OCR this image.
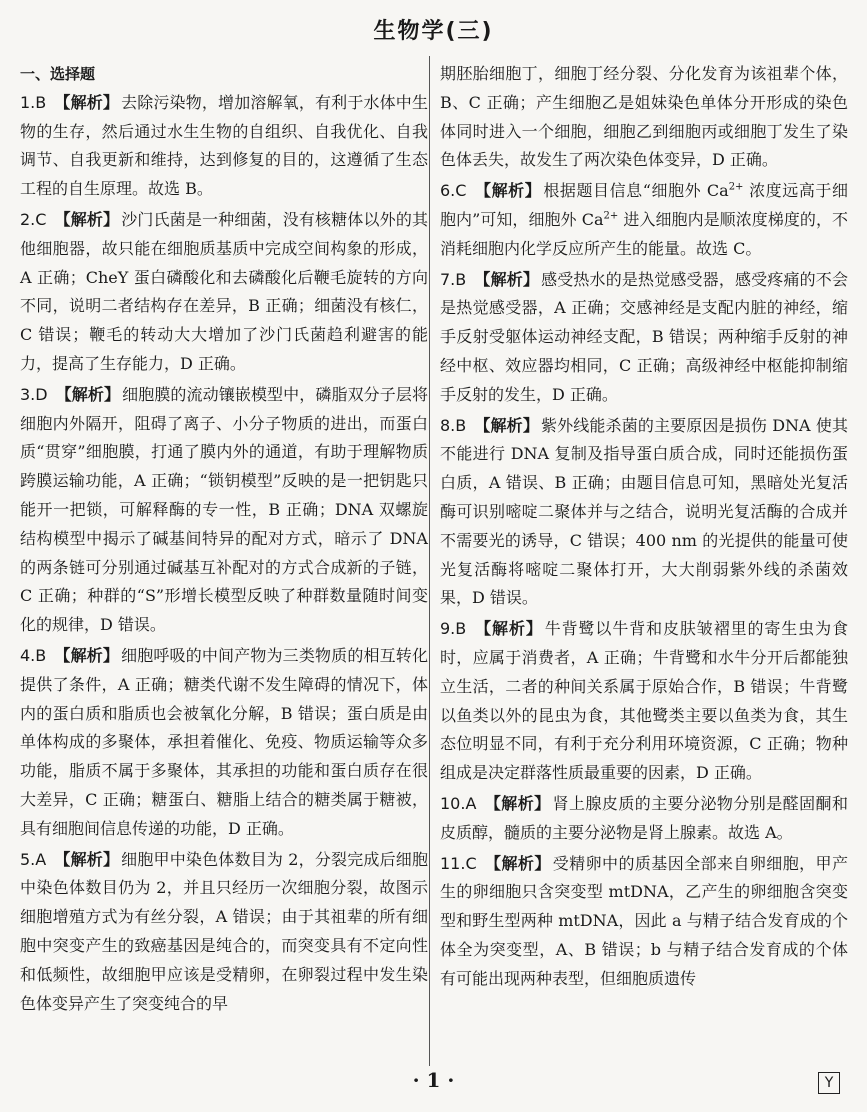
生物学(三)
一、选择题
1.B 【解析】 去除污染物，增加溶解氧，有利于水体中生物的生存，然后通过水生生物的自组织、自我优化、自我调节、自我更新和维持，达到修复的目的，这遵循了生态工程的自生原理。故选 B。
2.C 【解析】 沙门氏菌是一种细菌，没有核糖体以外的其他细胞器，故只能在细胞质基质中完成空间构象的形成，A 正确；CheY 蛋白磷酸化和去磷酸化后鞭毛旋转的方向不同，说明二者结构存在差异，B 正确；细菌没有核仁，C 错误；鞭毛的转动大大增加了沙门氏菌趋利避害的能力，提高了生存能力，D 正确。
3.D 【解析】 细胞膜的流动镶嵌模型中，磷脂双分子层将细胞内外隔开，阻碍了离子、小分子物质的进出，而蛋白质“贯穿”细胞膜，打通了膜内外的通道，有助于理解物质跨膜运输功能，A 正确；“锁钥模型”反映的是一把钥匙只能开一把锁，可解释酶的专一性，B 正确；DNA 双螺旋结构模型中揭示了碱基间特异的配对方式，暗示了 DNA 的两条链可分别通过碱基互补配对的方式合成新的子链，C 正确；种群的“S”形增长模型反映了种群数量随时间变化的规律，D 错误。
4.B 【解析】 细胞呼吸的中间产物为三类物质的相互转化提供了条件，A 正确；糖类代谢不发生障碍的情况下，体内的蛋白质和脂质也会被氧化分解，B 错误；蛋白质是由单体构成的多聚体，承担着催化、免疫、物质运输等众多功能，脂质不属于多聚体，其承担的功能和蛋白质存在很大差异，C 正确；糖蛋白、糖脂上结合的糖类属于糖被，具有细胞间信息传递的功能，D 正确。
5.A 【解析】 细胞甲中染色体数目为 2，分裂完成后细胞中染色体数目仍为 2，并且只经历一次细胞分裂，故图示细胞增殖方式为有丝分裂，A 错误；由于其祖辈的所有细胞中突变产生的致癌基因是纯合的，而突变具有不定向性和低频性，故细胞甲应该是受精卵，在卵裂过程中发生染色体变异产生了突变纯合的早
期胚胎细胞丁，细胞丁经分裂、分化发育为该祖辈个体，B、C 正确；产生细胞乙是姐妹染色单体分开形成的染色体同时进入一个细胞，细胞乙到细胞丙或细胞丁发生了染色体丢失，故发生了两次染色体变异，D 正确。
6.C 【解析】 根据题目信息“细胞外 $Ca^{2+}$ 浓度远高于细胞内”可知，细胞外 $Ca^{2+}$ 进入细胞内是顺浓度梯度的，不消耗细胞内化学反应所产生的能量。故选 C。
7.B 【解析】 感受热水的是热觉感受器，感受疼痛的不会是热觉感受器，A 正确；交感神经是支配内脏的神经，缩手反射受躯体运动神经支配，B 错误；两种缩手反射的神经中枢、效应器均相同，C 正确；高级神经中枢能抑制缩手反射的发生，D 正确。
8.B 【解析】 紫外线能杀菌的主要原因是损伤 DNA 使其不能进行 DNA 复制及指导蛋白质合成，同时还能损伤蛋白质，A 错误、B 正确；由题目信息可知，黑暗处光复活酶可识别嘧啶二聚体并与之结合，说明光复活酶的合成并不需要光的诱导，C 错误；400 nm 的光提供的能量可使光复活酶将嘧啶二聚体打开，大大削弱紫外线的杀菌效果，D 错误。
9.B 【解析】 牛背鹭以牛背和皮肤皱褶里的寄生虫为食时，应属于消费者，A 正确；牛背鹭和水牛分开后都能独立生活，二者的种间关系属于原始合作，B 错误；牛背鹭以鱼类以外的昆虫为食，其他鹭类主要以鱼类为食，其生态位明显不同，有利于充分利用环境资源，C 正确；物种组成是决定群落性质最重要的因素，D 正确。
10.A 【解析】 肾上腺皮质的主要分泌物分别是醛固酮和皮质醇，髓质的主要分泌物是肾上腺素。故选 A。
11.C 【解析】 受精卵中的质基因全部来自卵细胞，甲产生的卵细胞只含突变型 mtDNA，乙产生的卵细胞含突变型和野生型两种 mtDNA，因此 a 与精子结合发育成的个体全为突变型，A、B 错误；b 与精子结合发育成的个体有可能出现两种表型，但细胞质遗传
· 1 ·	Y
